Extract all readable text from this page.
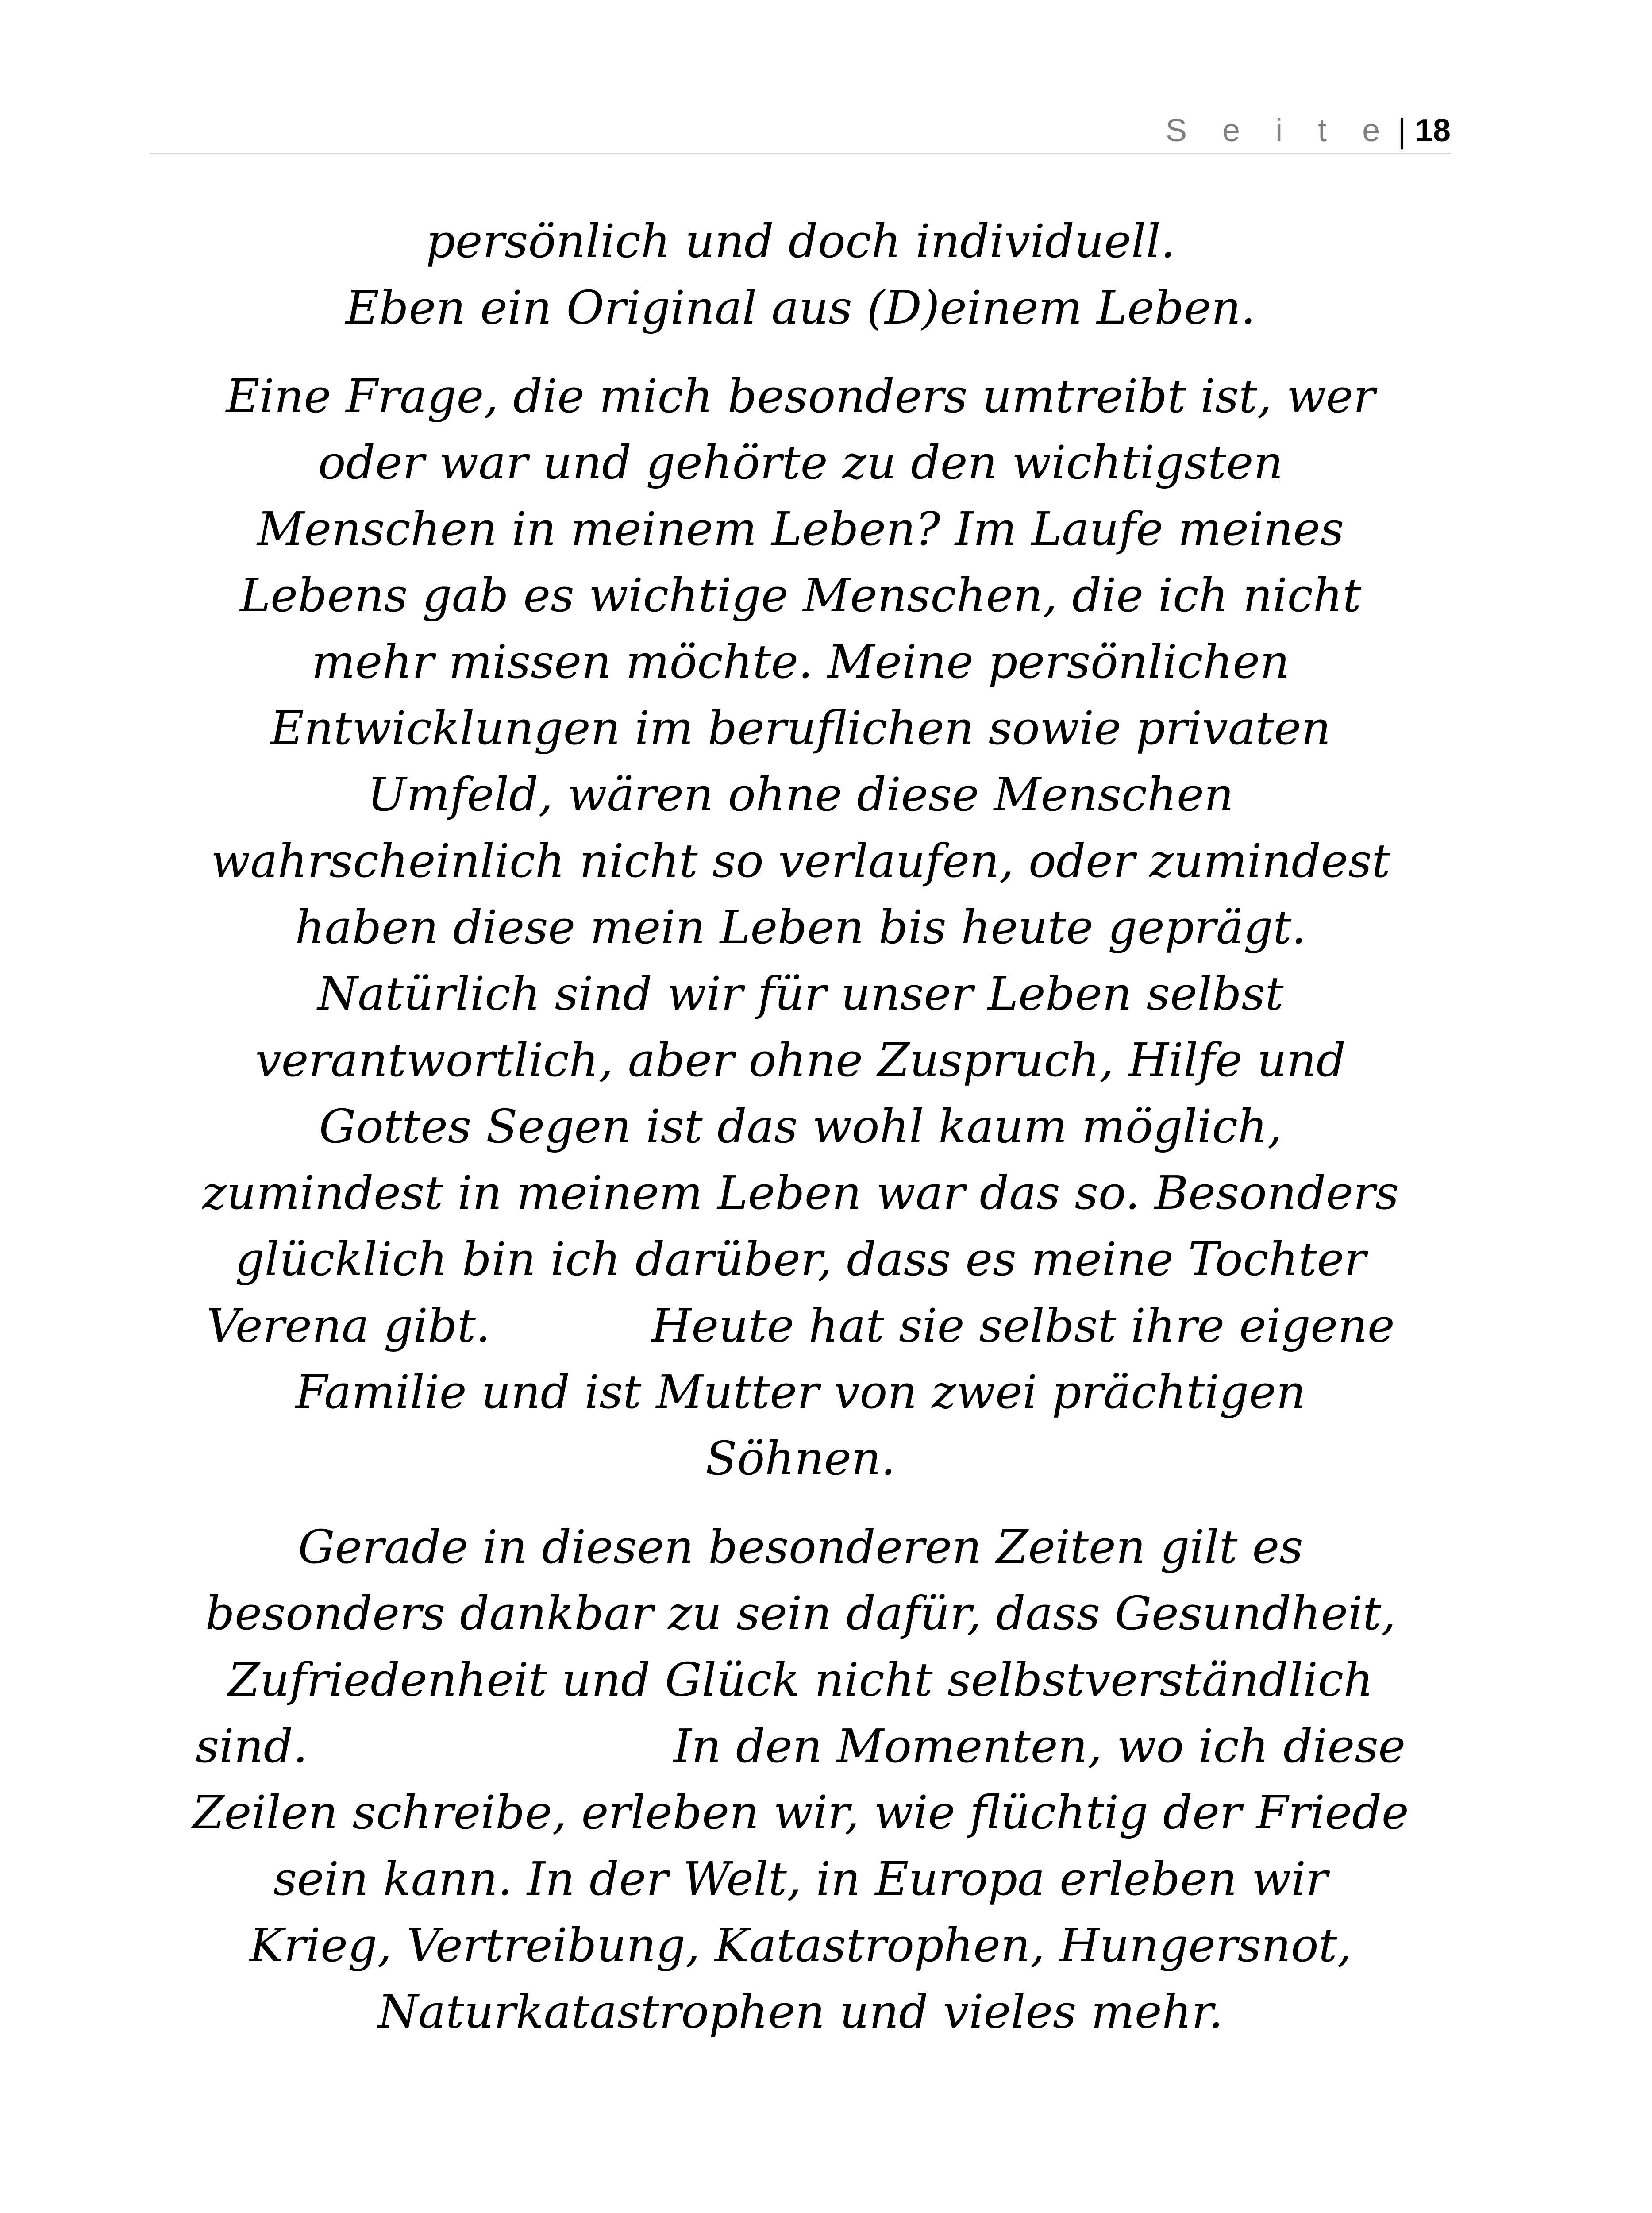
S e i t e | 18

persönlich und doch individuell.
Eben ein Original aus (D)einem Leben.

Eine Frage, die mich besonders umtreibt ist, wer
oder war und gehörte zu den wichtigsten
Menschen in meinem Leben? Im Laufe meines
Lebens gab es wichtige Menschen, die ich nicht
mehr missen möchte. Meine persönlichen
Entwicklungen im beruflichen sowie privaten
Umfeld, wären ohne diese Menschen
wahrscheinlich nicht so verlaufen, oder zumindest
haben diese mein Leben bis heute geprägt.
Natürlich sind wir für unser Leben selbst
verantwortlich, aber ohne Zuspruch, Hilfe und
Gottes Segen ist das wohl kaum möglich,
zumindest in meinem Leben war das so. Besonders
glücklich bin ich darüber, dass es meine Tochter
Verena gibt.           Heute hat sie selbst ihre eigene
Familie und ist Mutter von zwei prächtigen
Söhnen.

Gerade in diesen besonderen Zeiten gilt es
besonders dankbar zu sein dafür, dass Gesundheit,
Zufriedenheit und Glück nicht selbstverständlich
sind.                         In den Momenten, wo ich diese
Zeilen schreibe, erleben wir, wie flüchtig der Friede
sein kann. In der Welt, in Europa erleben wir
Krieg, Vertreibung, Katastrophen, Hungersnot,
Naturkatastrophen und vieles mehr.
